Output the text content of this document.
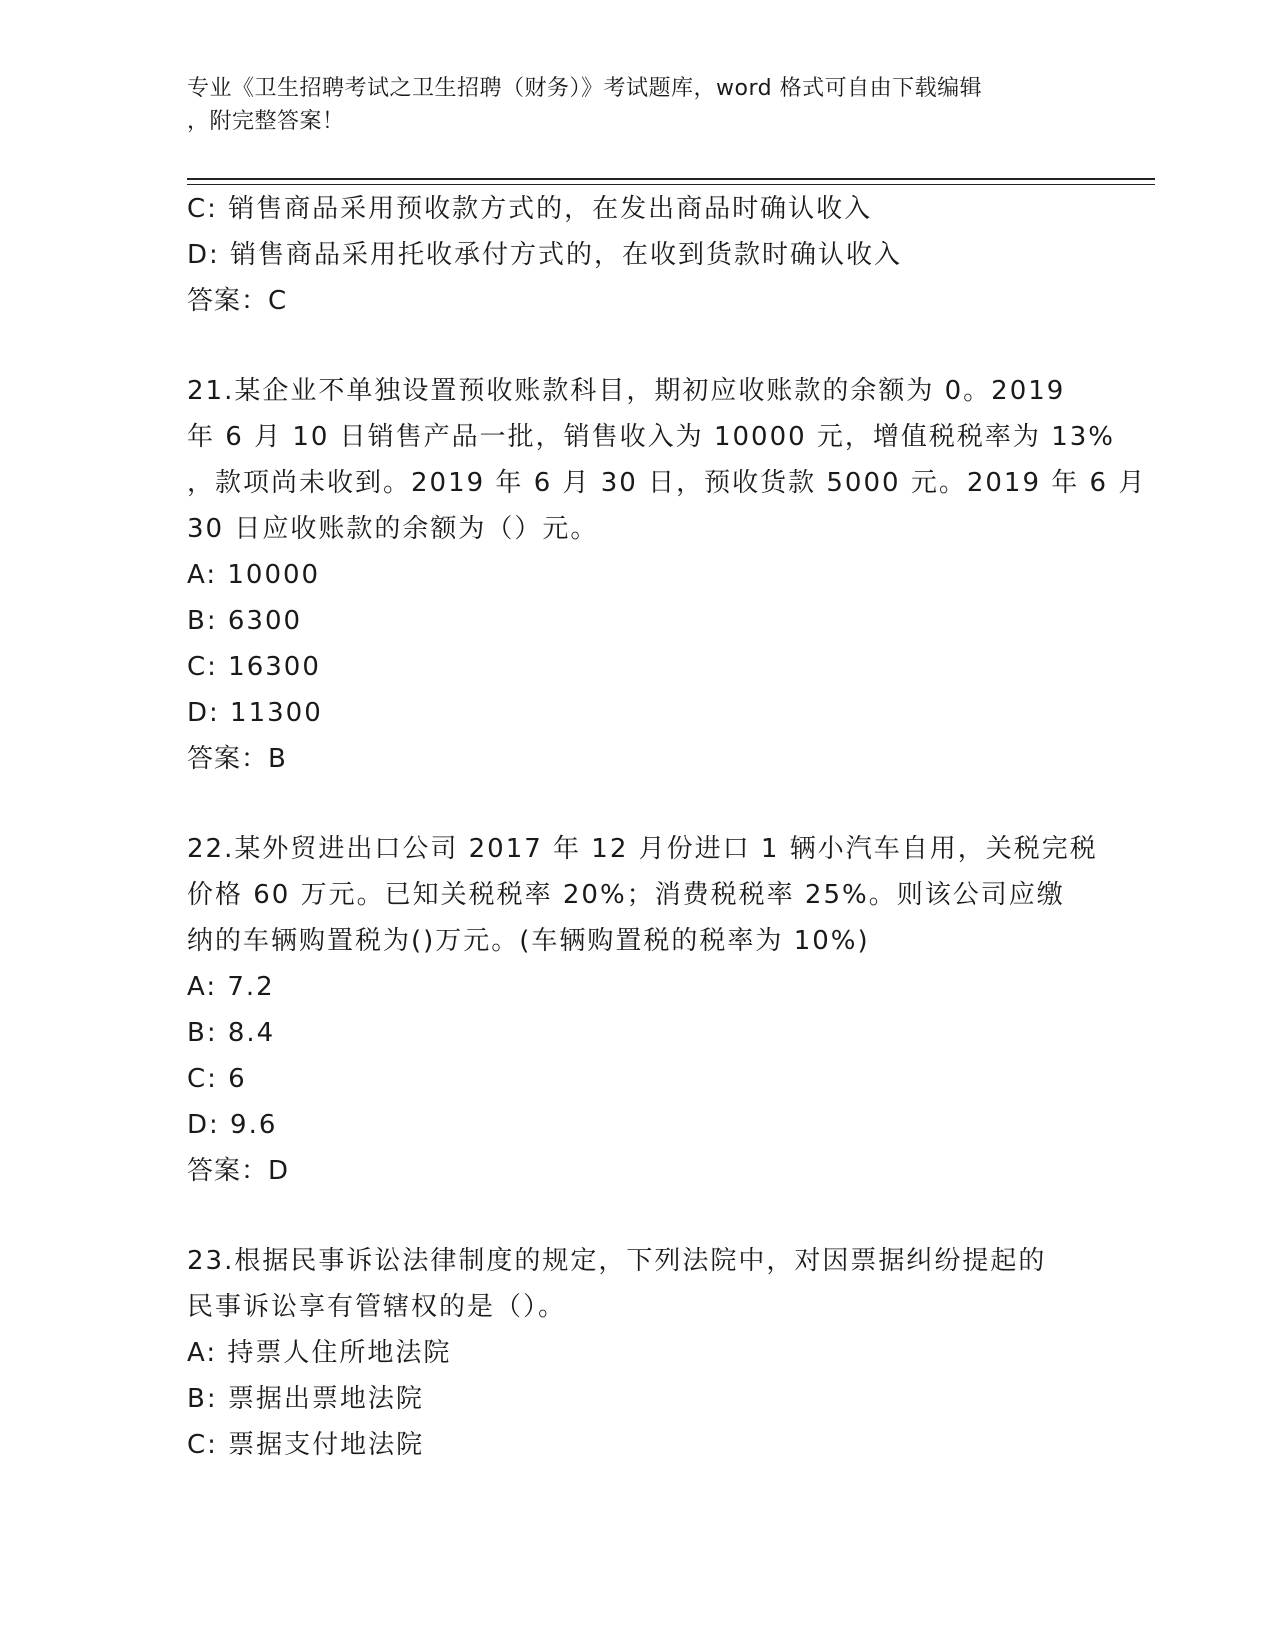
专业《卫生招聘考试之卫生招聘（财务）》考试题库，word 格式可自由下载编辑
，附完整答案！
C: 销售商品采用预收款方式的，在发出商品时确认收入
D: 销售商品采用托收承付方式的，在收到货款时确认收入
答案：C
21.某企业不单独设置预收账款科目，期初应收账款的余额为 0。2019
年 6 月 10 日销售产品一批，销售收入为 10000 元，增值税税率为 13%
，款项尚未收到。2019 年 6 月 30 日，预收货款 5000 元。2019 年 6 月
30 日应收账款的余额为（）元。
A: 10000
B: 6300
C: 16300
D: 11300
答案：B
22.某外贸进出口公司 2017 年 12 月份进口 1 辆小汽车自用，关税完税
价格 60 万元。已知关税税率 20%；消费税税率 25%。则该公司应缴
纳的车辆购置税为()万元。(车辆购置税的税率为 10%)
A: 7.2
B: 8.4
C: 6
D: 9.6
答案：D
23.根据民事诉讼法律制度的规定，下列法院中，对因票据纠纷提起的
民事诉讼享有管辖权的是（）。
A: 持票人住所地法院
B: 票据出票地法院
C: 票据支付地法院
